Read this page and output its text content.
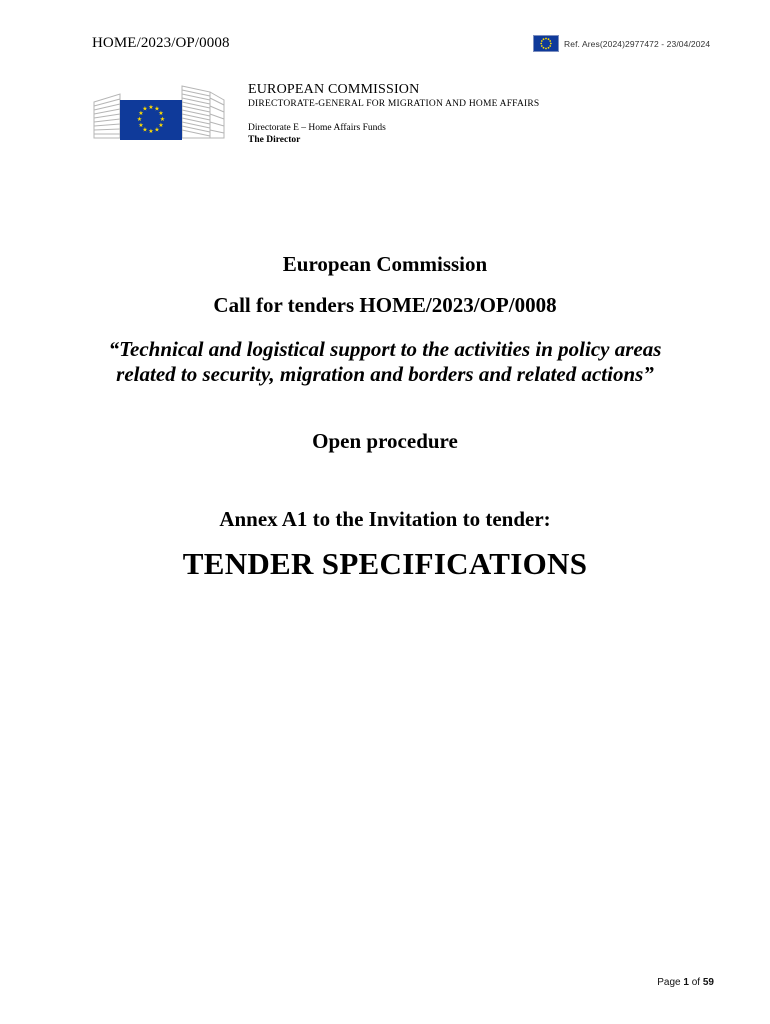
HOME/2023/OP/0008	Ref. Ares(2024)2977472 - 23/04/2024
★ ★
★
★
★
★
★
★
★
★
★
★
EUROPEAN COMMISSION
DIRECTORATE-GENERAL FOR MIGRATION AND HOME AFFAIRS
Directorate E – Home Affairs Funds
The Director
European Commission
Call for tenders HOME/2023/OP/0008
“Technical and logistical support to the activities in policy areas related to security, migration and borders and related actions”
Open procedure
Annex A1 to the Invitation to tender:
TENDER SPECIFICATIONS
Page 1 of 59
